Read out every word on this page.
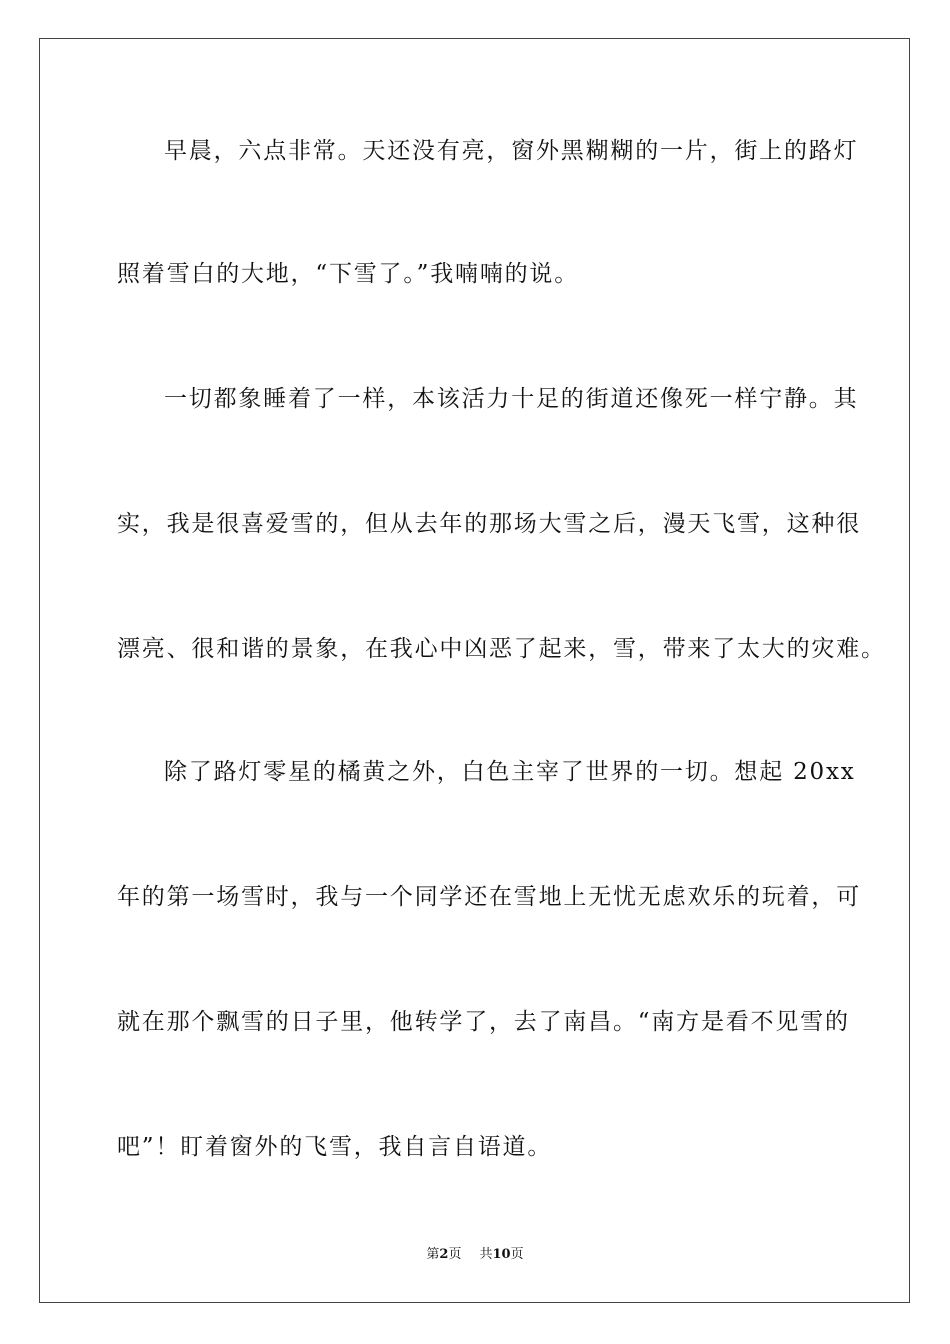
早晨，六点非常。天还没有亮，窗外黑糊糊的一片，街上的路灯
照着雪白的大地，“下雪了。”我喃喃的说。
一切都象睡着了一样，本该活力十足的街道还像死一样宁静。其
实，我是很喜爱雪的，但从去年的那场大雪之后，漫天飞雪，这种很
漂亮、很和谐的景象，在我心中凶恶了起来，雪，带来了太大的灾难。
除了路灯零星的橘黄之外，白色主宰了世界的一切。想起 20xx
年的第一场雪时，我与一个同学还在雪地上无忧无虑欢乐的玩着，可
就在那个飘雪的日子里，他转学了，去了南昌。“南方是看不见雪的
吧”！盯着窗外的飞雪，我自言自语道。
第2页 共10页
